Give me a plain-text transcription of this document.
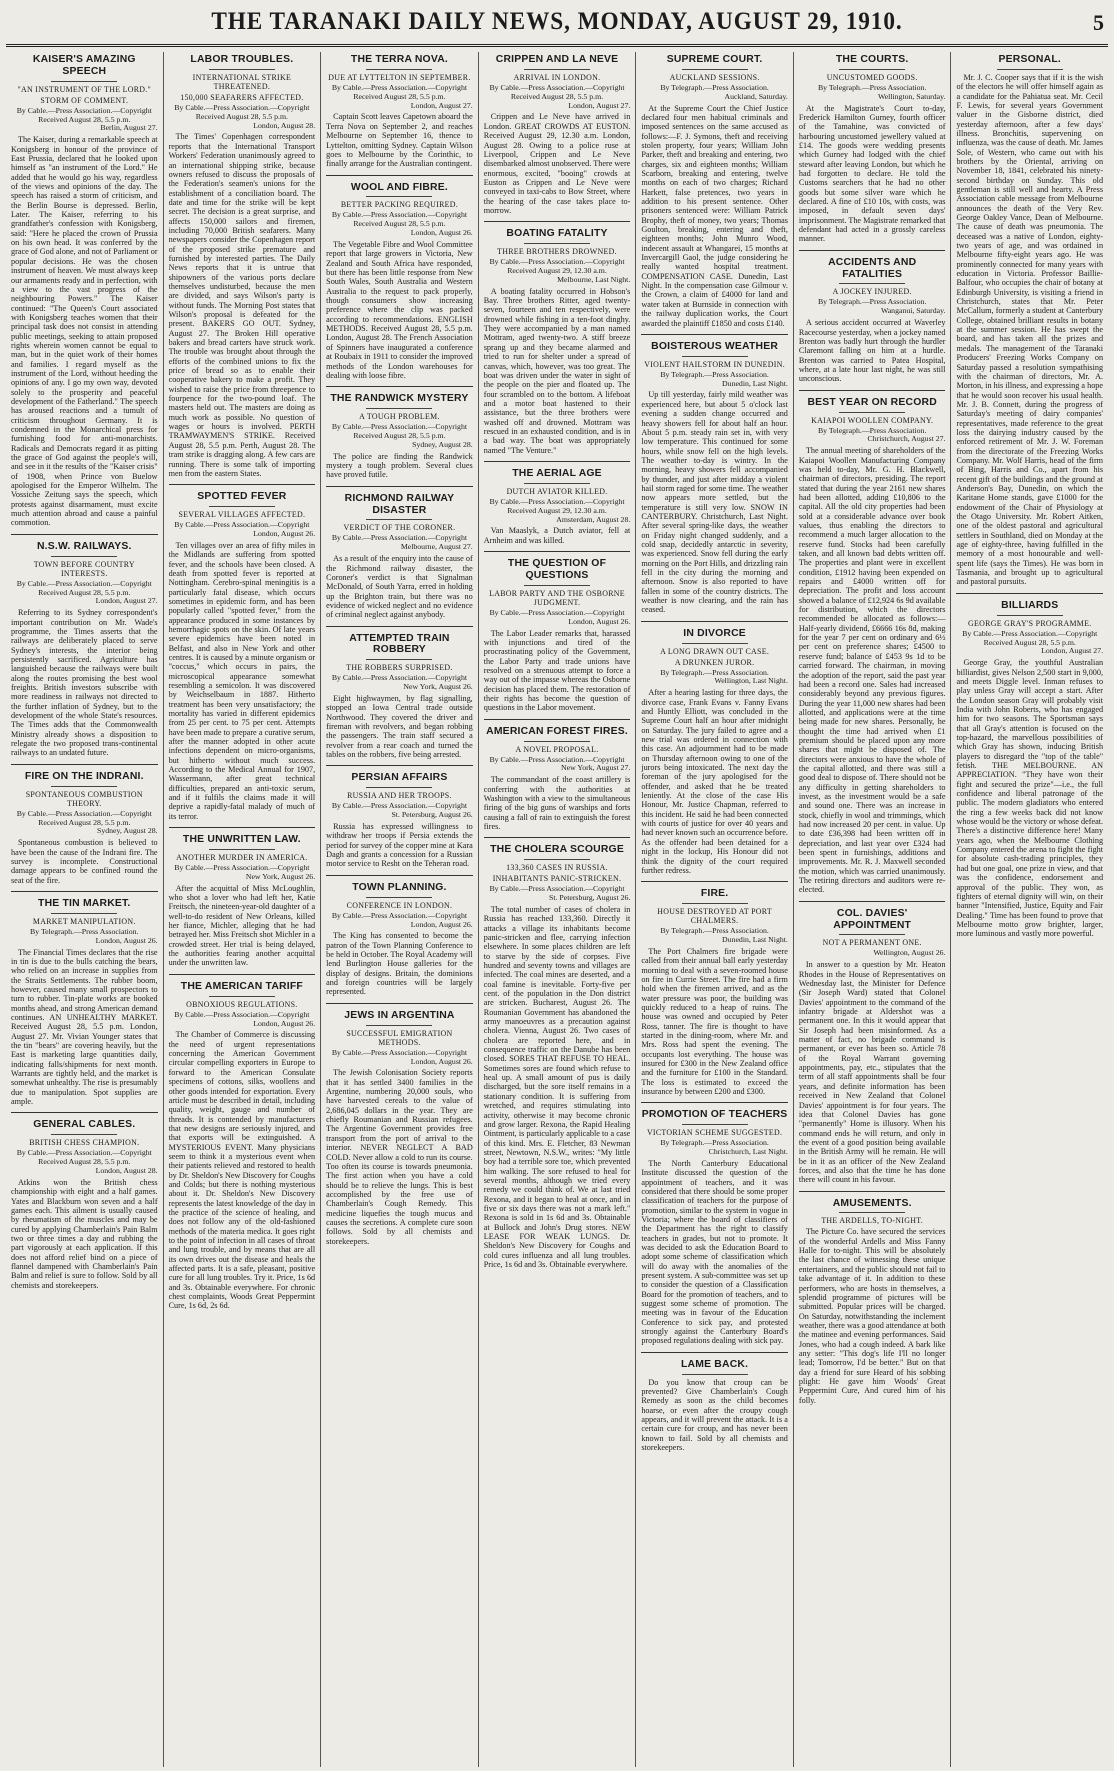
THE TARANAKI DAILY NEWS, MONDAY, AUGUST 29, 1910.	5
KAISER'S AMAZING SPEECH
"AN INSTRUMENT OF THE LORD."
STORM OF COMMENT.
By Cable.—Press Association.—Copyright
Received August 28, 5.5 p.m.
Berlin, August 27.
The Kaiser, during a remarkable speech at Konigsberg in honour of the province of East Prussia, declared that he looked upon himself as "an instrument of the Lord." He added that he would go his way, regardless of the views and opinions of the day. The speech has raised a storm of criticism, and the Berlin Bourse is depressed. Berlin, Later. The Kaiser, referring to his grandfather's confession with Konigsberg, said: "Here he placed the crown of Prussia on his own head. It was conferred by the grace of God alone, and not of Parliament or popular decisions. He was the chosen instrument of heaven. We must always keep our armaments ready and in perfection, with a view to the vast progress of the neighbouring Powers." The Kaiser continued: "The Queen's Court associated with Konigsberg teaches women that their principal task does not consist in attending public meetings, seeking to attain proposed rights wherein women cannot be equal to man, but in the quiet work of their homes and families. I regard myself as the instrument of the Lord, without heeding the opinions of any. I go my own way, devoted solely to the prosperity and peaceful development of the Fatherland." The speech has aroused reactions and a tumult of criticism throughout Germany. It is condemned in the Monarchical press for furnishing food for anti-monarchists. Radicals and Democrats regard it as pitting the grace of God against the people's will, and see in it the results of the "Kaiser crisis" of 1908, when Prince von Buelow apologised for the Emperor Wilhelm. The Vossiche Zeitung says the speech, which protests against disarmament, must excite much attention abroad and cause a painful commotion.
N.S.W. RAILWAYS.
TOWN BEFORE COUNTRY INTERESTS.
By Cable.—Press Association.—Copyright
Received August 28, 5.5 p.m.
London, August 27.
Referring to its Sydney correspondent's important contribution on Mr. Wade's programme, the Times asserts that the railways are deliberately placed to serve Sydney's interests, the interior being persistently sacrificed. Agriculture has languished because the railways were built along the routes promising the best wool freights. British investors subscribe with more readiness in railways not directed to the further inflation of Sydney, but to the development of the whole State's resources. The Times adds that the Commonwealth Ministry already shows a disposition to relegate the two proposed trans-continental railways to an undated future.
FIRE ON THE INDRANI.
SPONTANEOUS COMBUSTION THEORY.
By Cable.—Press Association.—Copyright
Received August 28, 5.5 p.m.
Sydney, August 28.
Spontaneous combustion is believed to have been the cause of the Indrani fire. The survey is incomplete. Constructional damage appears to be confined round the seat of the fire.
THE TIN MARKET.
MARKET MANIPULATION.
By Telegraph.—Press Association.
London, August 26.
The Financial Times declares that the rise in tin is due to the bulls catching the bears, who relied on an increase in supplies from the Straits Settlements. The rubber boom, however, caused many small prospectors to turn to rubber. Tin-plate works are booked months ahead, and strong American demand continues. AN UNHEALTHY MARKET. Received August 28, 5.5 p.m. London, August 27. Mr. Vivian Younger states that the tin "bears" are covering heavily, but the East is marketing large quantities daily, indicating falls/shipments for next month. Warrants are tightly held, and the market is somewhat unhealthy. The rise is presumably due to manipulation. Spot supplies are ample.
GENERAL CABLES.
BRITISH CHESS CHAMPION.
By Cable.—Press Association.—Copyright
Received August 28, 5.5 p.m.
London, August 28.
Atkins won the British chess championship with eight and a half games. Yates and Blackburn won seven and a half games each. This ailment is usually caused by rheumatism of the muscles and may be cured by applying Chamberlain's Pain Balm two or three times a day and rubbing the part vigorously at each application. If this does not afford relief bind on a piece of flannel dampened with Chamberlain's Pain Balm and relief is sure to follow. Sold by all chemists and storekeepers.
LABOR TROUBLES.
INTERNATIONAL STRIKE THREATENED.
150,000 SEAFARERS AFFECTED.
By Cable.—Press Association.—Copyright
Received August 28, 5.5 p.m.
London, August 28.
The Times' Copenhagen correspondent reports that the International Transport Workers' Federation unanimously agreed to an international shipping strike, because owners refused to discuss the proposals of the Federation's seamen's unions for the establishment of a conciliation board. The date and time for the strike will be kept secret. The decision is a great surprise, and affects 150,000 sailors and firemen, including 70,000 British seafarers. Many newspapers consider the Copenhagen report of the proposed strike premature and furnished by interested parties. The Daily News reports that it is untrue that shipowners of the various ports declare themselves undisturbed, because the men are divided, and says Wilson's party is without funds. The Morning Post states that Wilson's proposal is defeated for the present. BAKERS GO OUT. Sydney, August 27. The Broken Hill operative bakers and bread carters have struck work. The trouble was brought about through the efforts of the combined unions to fix the price of bread so as to enable their cooperative bakery to make a profit. They wished to raise the price from threepence to fourpence for the two-pound loaf. The masters held out. The masters are doing as much work as possible. No question of wages or hours is involved. PERTH TRAMWAYMEN'S STRIKE. Received August 28, 5.5 p.m. Perth, August 28. The tram strike is dragging along. A few cars are running. There is some talk of importing men from the eastern States.
SPOTTED FEVER
SEVERAL VILLAGES AFFECTED.
By Cable.—Press Association.—Copyright
London, August 26.
Ten villages over an area of fifty miles in the Midlands are suffering from spotted fever, and the schools have been closed. A death from spotted fever is reported at Nottingham. Cerebro-spinal meningitis is a particularly fatal disease, which occurs sometimes in epidemic form, and has been popularly called "spotted fever," from the appearance produced in some instances by hemorrhagic spots on the skin. Of late years severe epidemics have been noted in Belfast, and also in New York and other centres. It is caused by a minute organism or "coccus," which occurs in pairs, the microscopical appearance somewhat resembling a semicolon. It was discovered by Weichselbaum in 1887. Hitherto treatment has been very unsatisfactory; the mortality has varied in different epidemics from 25 per cent. to 75 per cent. Attempts have been made to prepare a curative serum, after the manner adopted in other acute infections dependent on micro-organisms, but hitherto without much success. According to the Medical Annual for 1907, Wassermann, after great technical difficulties, prepared an anti-toxic serum, and if it fulfils the claims made it will deprive a rapidly-fatal malady of much of its terror.
THE UNWRITTEN LAW.
ANOTHER MURDER IN AMERICA.
By Cable.—Press Association.—Copyright
New York, August 26.
After the acquittal of Miss McLoughlin, who shot a lover who had left her, Katie Freitsch, the nineteen-year-old daughter of a well-to-do resident of New Orleans, killed her fiance, Michler, alleging that he had betrayed her. Miss Freitsch shot Michler in a crowded street. Her trial is being delayed, the authorities fearing another acquittal under the unwritten law.
THE AMERICAN TARIFF
OBNOXIOUS REGULATIONS.
By Cable.—Press Association.—Copyright
London, August 26.
The Chamber of Commerce is discussing the need of urgent representations concerning the American Government circular compelling exporters in Europe to forward to the American Consulate specimens of cottons, silks, woollens and other goods intended for exportation. Every article must be described in detail, including quality, weight, gauge and number of threads. It is contended by manufacturers that new designs are seriously injured, and that exports will be extinguished. A MYSTERIOUS EVENT. Many physicians seem to think it a mysterious event when their patients relieved and restored to health by Dr. Sheldon's New Discovery for Coughs and Colds; but there is nothing mysterious about it. Dr. Sheldon's New Discovery represents the latest knowledge of the day in the practice of the science of healing, and does not follow any of the old-fashioned methods of the materia medica. It goes right to the point of infection in all cases of throat and lung trouble, and by means that are all its own drives out the disease and heals the affected parts. It is a safe, pleasant, positive cure for all lung troubles. Try it. Price, 1s 6d and 3s. Obtainable everywhere. For chronic chest complaints, Woods Great Peppermint Cure, 1s 6d, 2s 6d.
THE TERRA NOVA.
DUE AT LYTTELTON IN SEPTEMBER.
By Cable.—Press Association.—Copyright
Received August 28, 5.5 p.m.
London, August 27.
Captain Scott leaves Capetown aboard the Terra Nova on September 2, and reaches Melbourne on September 16, thence to Lyttelton, omitting Sydney. Captain Wilson goes to Melbourne by the Corinthic, to finally arrange for the Australian contingent.
WOOL AND FIBRE.
BETTER PACKING REQUIRED.
By Cable.—Press Association.—Copyright
Received August 28, 5.5 p.m.
London, August 26.
The Vegetable Fibre and Wool Committee report that large growers in Victoria, New Zealand and South Africa have responded, but there has been little response from New South Wales, South Australia and Western Australia to the request to pack properly, though consumers show increasing preference where the clip was packed according to recommendations. ENGLISH METHODS. Received August 28, 5.5 p.m. London, August 28. The French Association of Spinners have inaugurated a conference at Roubaix in 1911 to consider the improved methods of the London warehouses for dealing with loose fibre.
THE RANDWICK MYSTERY
A TOUGH PROBLEM.
By Cable.—Press Association.—Copyright
Received August 28, 5.5 p.m.
Sydney, August 28.
The police are finding the Randwick mystery a tough problem. Several clues have proved futile.
RICHMOND RAILWAY DISASTER
VERDICT OF THE CORONER.
By Cable.—Press Association.—Copyright
Melbourne, August 27.
As a result of the enquiry into the cause of the Richmond railway disaster, the Coroner's verdict is that Signalman McDonald, of South Yarra, erred in holding up the Brighton train, but there was no evidence of wicked neglect and no evidence of criminal neglect against anybody.
ATTEMPTED TRAIN ROBBERY
THE ROBBERS SURPRISED.
By Cable.—Press Association.—Copyright
New York, August 26.
Eight highwaymen, by flag signalling, stopped an Iowa Central trade outside Northwood. They covered the driver and fireman with revolvers, and began robbing the passengers. The train staff secured a revolver from a rear coach and turned the tables on the robbers, five being arrested.
PERSIAN AFFAIRS
RUSSIA AND HER TROOPS.
By Cable.—Press Association.—Copyright
St. Petersburg, August 26.
Russia has expressed willingness to withdraw her troops if Persia extends the period for survey of the copper mine at Kara Dagh and grants a concession for a Russian motor service to Resht on the Teheran road.
TOWN PLANNING.
CONFERENCE IN LONDON.
By Cable.—Press Association.—Copyright
London, August 26.
The King has consented to become the patron of the Town Planning Conference to be held in October. The Royal Academy will lend Burlington House galleries for the display of designs. Britain, the dominions and foreign countries will be largely represented.
JEWS IN ARGENTINA
SUCCESSFUL EMIGRATION METHODS.
By Cable.—Press Association.—Copyright
London, August 26.
The Jewish Colonisation Society reports that it has settled 3400 families in the Argentine, numbering 20,000 souls, who have harvested cereals to the value of 2,686,045 dollars in the year. They are chiefly Roumanian and Russian refugees. The Argentine Government provides free transport from the port of arrival to the interior. NEVER NEGLECT A BAD COLD. Never allow a cold to run its course. Too often its course is towards pneumonia. The first action when you have a cold should be to relieve the lungs. This is best accomplished by the free use of Chamberlain's Cough Remedy. This medicine liquefies the tough mucus and causes the secretions. A complete cure soon follows. Sold by all chemists and storekeepers.
CRIPPEN AND LA NEVE
ARRIVAL IN LONDON.
By Cable.—Press Association.—Copyright
Received August 28, 5.5 p.m.
London, August 27.
Crippen and Le Neve have arrived in London. GREAT CROWDS AT EUSTON. Received August 29, 12.30 a.m. London, August 28. Owing to a police ruse at Liverpool, Crippen and Le Neve disembarked almost unobserved. There were enormous, excited, "booing" crowds at Euston as Crippen and Le Neve were conveyed in taxi-cabs to Bow Street, where the hearing of the case takes place to-morrow.
BOATING FATALITY
THREE BROTHERS DROWNED.
By Cable.—Press Association.—Copyright
Received August 29, 12.30 a.m.
Melbourne, Last Night.
A boating fatality occurred in Hobson's Bay. Three brothers Ritter, aged twenty-seven, fourteen and ten respectively, were drowned while fishing in a ten-foot dinghy. They were accompanied by a man named Mottram, aged twenty-two. A stiff breeze sprang up and they became alarmed and tried to run for shelter under a spread of canvas, which, however, was too great. The boat was driven under the water in sight of the people on the pier and floated up. The four scrambled on to the bottom. A lifeboat and a motor boat hastened to their assistance, but the three brothers were washed off and drowned. Mottram was rescued in an exhausted condition, and is in a bad way. The boat was appropriately named "The Venture."
THE AERIAL AGE
DUTCH AVIATOR KILLED.
By Cable.—Press Association.—Copyright
Received August 29, 12.30 a.m.
Amsterdam, August 28.
Van Maaslyk, a Dutch aviator, fell at Arnheim and was killed.
THE QUESTION OF QUESTIONS
LABOR PARTY AND THE OSBORNE JUDGMENT.
By Cable.—Press Association.—Copyright
London, August 26.
The Labor Leader remarks that, harassed with injunctions and tired of the procrastinating policy of the Government, the Labor Party and trade unions have resolved on a strenuous attempt to force a way out of the impasse whereas the Osborne decision has placed them. The restoration of their rights has become the question of questions in the Labor movement.
AMERICAN FOREST FIRES.
A NOVEL PROPOSAL.
By Cable.—Press Association.—Copyright
New York, August 27.
The commandant of the coast artillery is conferring with the authorities at Washington with a view to the simultaneous firing of the big guns of warships and forts causing a fall of rain to extinguish the forest fires.
THE CHOLERA SCOURGE
133,360 CASES IN RUSSIA.
INHABITANTS PANIC-STRICKEN.
By Cable.—Press Association.—Copyright
St. Petersburg, August 26.
The total number of cases of cholera in Russia has reached 133,360. Directly it attacks a village its inhabitants become panic-stricken and flee, carrying infection elsewhere. In some places children are left to starve by the side of corpses. Five hundred and seventy towns and villages are infected. The coal mines are deserted, and a coal famine is inevitable. Forty-five per cent. of the population in the Don district are stricken. Bucharest, August 26. The Roumanian Government has abandoned the army manoeuvres as a precaution against cholera. Vienna, August 26. Two cases of cholera are reported here, and in consequence traffic on the Danube has been closed. SORES THAT REFUSE TO HEAL. Sometimes sores are found which refuse to heal up. A small amount of pus is daily discharged, but the sore itself remains in a stationary condition. It is suffering from wretched, and requires stimulating into activity, otherwise it may become chronic and grow larger. Rexona, the Rapid Healing Ointment, is particularly applicable to a case of this kind. Mrs. E. Fletcher, 83 Newman street, Newtown, N.S.W., writes: "My little boy had a terrible sore toe, which prevented him walking. The sore refused to heal for several months, although we tried every remedy we could think of. We at last tried Rexona, and it began to heal at once, and in five or six days there was not a mark left." Rexona is sold in 1s 6d and 3s. Obtainable at Bullock and John's Drug stores. NEW LEASE FOR WEAK LUNGS. Dr. Sheldon's New Discovery for Coughs and cold cures influenza and all lung troubles. Price, 1s 6d and 3s. Obtainable everywhere.
SUPREME COURT.
AUCKLAND SESSIONS.
By Telegraph.—Press Association.
Auckland, Saturday.
At the Supreme Court the Chief Justice declared four men habitual criminals and imposed sentences on the same accused as follows:—F. J. Symons, theft and receiving stolen property, four years; William John Parker, theft and breaking and entering, two charges, six and eighteen months; William Scarborn, breaking and entering, twelve months on each of two charges; Richard Harkett, false pretences, two years in addition to his present sentence. Other prisoners sentenced were: William Patrick Brophy, theft of money, two years; Thomas Goulton, breaking, entering and theft, eighteen months; John Munro Wood, indecent assault at Whangarei, 15 months at Invercargill Gaol, the judge considering he really wanted hospital treatment. COMPENSATION CASE. Dunedin, Last Night. In the compensation case Gilmour v. the Crown, a claim of £4000 for land and water taken at Burnside in connection with the railway duplication works, the Court awarded the plaintiff £1850 and costs £140.
BOISTEROUS WEATHER
VIOLENT HAILSTORM IN DUNEDIN.
By Telegraph.—Press Association.
Dunedin, Last Night.
Up till yesterday, fairly mild weather was experienced here, but about 5 o'clock last evening a sudden change occurred and heavy showers fell for about half an hour. About 5 p.m. steady rain set in, with very low temperature. This continued for some hours, while snow fell on the high levels. The weather to-day is wintry. In the morning, heavy showers fell accompanied by thunder, and just after midday a violent hail storm raged for some time. The weather now appears more settled, but the temperature is still very low. SNOW IN CANTERBURY. Christchurch, Last Night. After several spring-like days, the weather on Friday night changed suddenly, and a cold snap, decidedly antarctic in severity, was experienced. Snow fell during the early morning on the Port Hills, and drizzling rain fell in the city during the morning and afternoon. Snow is also reported to have fallen in some of the country districts. The weather is now clearing, and the rain has ceased.
IN DIVORCE
A LONG DRAWN OUT CASE.
A DRUNKEN JUROR.
By Telegraph.—Press Association.
Wellington, Last Night.
After a hearing lasting for three days, the divorce case, Frank Evans v. Fanny Evans and Huntly Elliott, was concluded in the Supreme Court half an hour after midnight on Saturday. The jury failed to agree and a new trial was ordered in connection with this case. An adjournment had to be made on Thursday afternoon owing to one of the jurors being intoxicated. The next day the foreman of the jury apologised for the offender, and asked that he be treated leniently. At the close of the case His Honour, Mr. Justice Chapman, referred to this incident. He said he had been connected with courts of justice for over 40 years and had never known such an occurrence before. As the offender had been detained for a night in the lockup, His Honour did not think the dignity of the court required further redress.
FIRE.
HOUSE DESTROYED AT PORT CHALMERS.
By Telegraph.—Press Association.
Dunedin, Last Night.
The Port Chalmers fire brigade were called from their annual ball early yesterday morning to deal with a seven-roomed house on fire in Currie Street. The fire had a firm hold when the firemen arrived, and as the water pressure was poor, the building was quickly reduced to a heap of ruins. The house was owned and occupied by Peter Ross, tanner. The fire is thought to have started in the dining-room, where Mr. and Mrs. Ross had spent the evening. The occupants lost everything. The house was insured for £300 in the New Zealand office and the furniture for £100 in the Standard. The loss is estimated to exceed the insurance by between £200 and £300.
PROMOTION OF TEACHERS
VICTORIAN SCHEME SUGGESTED.
By Telegraph.—Press Association.
Christchurch, Last Night.
The North Canterbury Educational Institute discussed the question of the appointment of teachers, and it was considered that there should be some proper classification of teachers for the purpose of promotion, similar to the system in vogue in Victoria; where the board of classifiers of the Department has the right to classify teachers in grades, but not to promote. It was decided to ask the Education Board to adopt some scheme of classification which will do away with the anomalies of the present system. A sub-committee was set up to consider the question of a Classification Board for the promotion of teachers, and to suggest some scheme of promotion. The meeting was in favour of the Education Conference to sick pay, and protested strongly against the Canterbury Board's proposed regulations dealing with sick pay.
LAME BACK.
Do you know that croup can be prevented? Give Chamberlain's Cough Remedy as soon as the child becomes hoarse, or even after the croupy cough appears, and it will prevent the attack. It is a certain cure for croup, and has never been known to fail. Sold by all chemists and storekeepers.
THE COURTS.
UNCUSTOMED GOODS.
By Telegraph.—Press Association.
Wellington, Saturday.
At the Magistrate's Court to-day, Frederick Hamilton Gurney, fourth officer of the Tamahine, was convicted of harbouring uncustomed jewellery valued at £14. The goods were wedding presents which Gurney had lodged with the chief steward after leaving London, but which he had forgotten to declare. He told the Customs searchers that he had no other goods but some silver ware which he declared. A fine of £10 10s, with costs, was imposed, in default seven days' imprisonment. The Magistrate remarked that defendant had acted in a grossly careless manner.
ACCIDENTS AND FATALITIES
A JOCKEY INJURED.
By Telegraph.—Press Association.
Wanganui, Saturday.
A serious accident occurred at Waverley Racecourse yesterday, when a jockey named Brenton was badly hurt through the hurdler Claremont falling on him at a hurdle. Brenton was carried to Patea Hospital, where, at a late hour last night, he was still unconscious.
BEST YEAR ON RECORD
KAIAPOI WOOLLEN COMPANY.
By Telegraph.—Press Association.
Christchurch, August 27.
The annual meeting of shareholders of the Kaiapoi Woollen Manufacturing Company was held to-day, Mr. G. H. Blackwell, chairman of directors, presiding. The report stated that during the year 2161 new shares had been allotted, adding £10,806 to the capital. All the old city properties had been sold at a considerable advance over book values, thus enabling the directors to recommend a much larger allocation to the reserve fund. Stocks had been carefully taken, and all known bad debts written off. The properties and plant were in excellent condition, £1912 having been expended on repairs and £4000 written off for depreciation. The profit and loss account showed a balance of £12,924 6s 9d available for distribution, which the directors recommended be allocated as follows:—Half-yearly dividend, £6666 16s 8d, making for the year 7 per cent on ordinary and 6½ per cent on preference shares; £4500 to reserve fund; balance of £453 9s 1d to be carried forward. The chairman, in moving the adoption of the report, said the past year had been a record one. Sales had increased considerably beyond any previous figures. During the year 11,000 new shares had been allotted, and applications were at the time being made for new shares. Personally, he thought the time had arrived when £1 premium should be placed upon any more shares that might be disposed of. The directors were anxious to have the whole of the capital allotted, and there was still a good deal to dispose of. There should not be any difficulty in getting shareholders to invest, as the investment would be a safe and sound one. There was an increase in stock, chiefly in wool and trimmings, which had now increased 20 per cent. in value. Up to date £36,398 had been written off in depreciation, and last year over £324 had been spent in furnishings, additions and improvements. Mr. R. J. Maxwell seconded the motion, which was carried unanimously. The retiring directors and auditors were re-elected.
COL. DAVIES' APPOINTMENT
NOT A PERMANENT ONE.
Wellington, August 26.
In answer to a question by Mr. Heaton Rhodes in the House of Representatives on Wednesday last, the Minister for Defence (Sir Joseph Ward) stated that Colonel Davies' appointment to the command of the infantry brigade at Aldershot was a permanent one. In this it would appear that Sir Joseph had been misinformed. As a matter of fact, no brigade command is permanent, or ever has been so. Article 78 of the Royal Warrant governing appointments, pay, etc., stipulates that the term of all staff appointments shall be four years, and definite information has been received in New Zealand that Colonel Davies' appointment is for four years. The idea that Colonel Davies has gone "permanently" Home is illusory. When his command ends he will return, and only in the event of a good position being available in the British Army will he remain. He will be in it as an officer of the New Zealand forces, and also that the time he has done there will count in his favour.
AMUSEMENTS.
THE ARDELLS, TO-NIGHT.
The Picture Co. have secured the services of the wonderful Ardells and Miss Fanny Halle for to-night. This will be absolutely the last chance of witnessing these unique entertainers, and the public should not fail to take advantage of it. In addition to these performers, who are hosts in themselves, a splendid programme of pictures will be submitted. Popular prices will be charged. On Saturday, notwithstanding the inclement weather, there was a good attendance at both the matinee and evening performances. Said Jones, who had a cough indeed. A bark like any setter: "This dog's life I'll no longer lead; Tomorrow, I'd be better." But on that day a friend for sure Heard of his sobbing plight: He gave him Woods' Great Peppermint Cure, And cured him of his folly.
PERSONAL.
Mr. J. C. Cooper says that if it is the wish of the electors he will offer himself again as a candidate for the Pahiatua seat. Mr. Cecil F. Lewis, for several years Government valuer in the Gisborne district, died yesterday afternoon, after a few days' illness. Bronchitis, supervening on influenza, was the cause of death. Mr. James Sole, of Western, who came out with his brothers by the Oriental, arriving on November 18, 1841, celebrated his ninety-second birthday on Sunday. This old gentleman is still well and hearty. A Press Association cable message from Melbourne announces the death of the Very Rev. George Oakley Vance, Dean of Melbourne. The cause of death was pneumonia. The deceased was a native of London, eighty-two years of age, and was ordained in Melbourne fifty-eight years ago. He was prominently connected for many years with education in Victoria. Professor Baillie-Balfour, who occupies the chair of botany at Edinburgh University, is visiting a friend in Christchurch, states that Mr. Peter McCallum, formerly a student at Canterbury College, obtained brilliant results in botany at the summer session. He has swept the board, and has taken all the prizes and medals. The management of the Taranaki Producers' Freezing Works Company on Saturday passed a resolution sympathising with the chairman of directors, Mr. A. Morton, in his illness, and expressing a hope that he would soon recover his usual health. Mr. J. B. Connett, during the progress of Saturday's meeting of dairy companies' representatives, made reference to the great loss the dairying industry caused by the enforced retirement of Mr. J. W. Foreman from the directorate of the Freezing Works Company. Mr. Wolf Harris, head of the firm of Bing, Harris and Co., apart from his recent gift of the buildings and the ground at Anderson's Bay, Dunedin, on which the Karitane Home stands, gave £1000 for the endowment of the Chair of Physiology at the Otago University. Mr. Robert Aitken, one of the oldest pastoral and agricultural settlers in Southland, died on Monday at the age of eighty-three, having fulfilled in the memory of a most honourable and well-spent life (says the Times). He was born in Tasmania, and brought up to agricultural and pastoral pursuits.
BILLIARDS
GEORGE GRAY'S PROGRAMME.
By Cable.—Press Association.—Copyright
Received August 28, 5.5 p.m.
London, August 27.
George Gray, the youthful Australian billiardist, gives Nelson 2,500 start in 9,000, and meets Diggle level. Inman refuses to play unless Gray will accept a start. After the London season Gray will probably visit India with John Roberts, who has engaged him for two seasons. The Sportsman says that all Gray's attention is focused on the top-hazard, the marvellous possibilities of which Gray has shown, inducing British players to disregard the "top of the table" fetish. THE MELBOURNE. AN APPRECIATION. "They have won their fight and secured the prize"—i.e., the full confidence and liberal patronage of the public. The modern gladiators who entered the ring a few weeks back did not know whose would be the victory or whose defeat. There's a distinctive difference here! Many years ago, when the Melbourne Clothing Company entered the arena to fight the fight for absolute cash-trading principles, they had but one goal, one prize in view, and that was the confidence, endorsement and approval of the public. They won, as fighters of eternal dignity will win, on their banner "Intensified, Justice, Equity and Fair Dealing." Time has been found to prove that Melbourne motto grow brighter, larger, more luminous and vastly more powerful.
